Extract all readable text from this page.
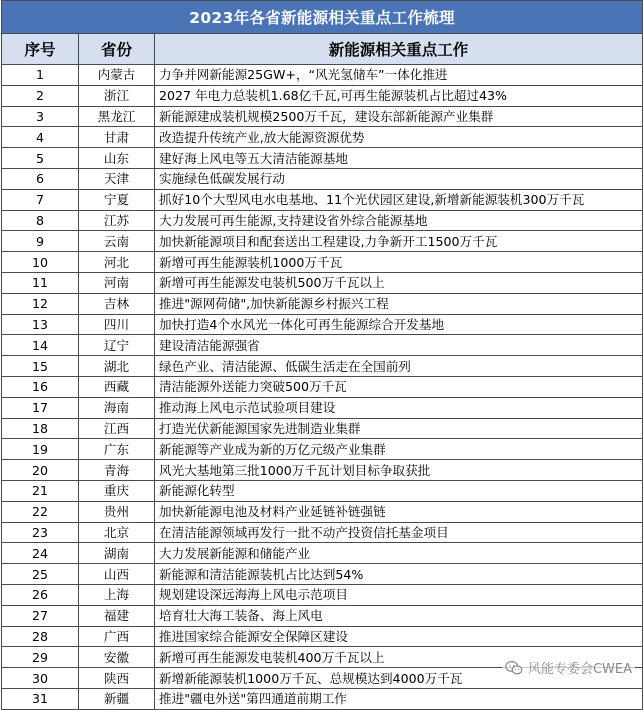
2023年各省新能源相关重点工作梳理		
序号	省份	新能源相关重点工作
1	内蒙古	力争并网新能源25GW+，“风光氢储车”一体化推进
2	浙江	2027 年电力总装机1.68亿千瓦,可再生能源装机占比超过43%
3	黑龙江	新能源建成装机规模2500万千瓦，建设东部新能源产业集群
4	甘肃	改造提升传统产业,放大能源资源优势
5	山东	建好海上风电等五大清洁能源基地
6	天津	实施绿色低碳发展行动
7	宁夏	抓好10个大型风电水电基地、11个光伏园区建设,新增新能源装机300万千瓦
8	江苏	大力发展可再生能源,支持建设省外综合能源基地
9	云南	加快新能源项目和配套送出工程建设,力争新开工1500万千瓦
10	河北	新增可再生能源装机1000万千瓦
11	河南	新增可再生能源发电装机500万千瓦以上
12	吉林	推进"源网荷储",加快新能源乡村振兴工程
13	四川	加快打造4个水风光一体化可再生能源综合开发基地
14	辽宁	建设清洁能源强省
15	湖北	绿色产业、清洁能源、低碳生活走在全国前列
16	西藏	清洁能源外送能力突破500万千瓦
17	海南	推动海上风电示范试验项目建设
18	江西	打造光伏新能源国家先进制造业集群
19	广东	新能源等产业成为新的万亿元级产业集群
20	青海	风光大基地第三批1000万千瓦计划目标争取获批
21	重庆	新能源化转型
22	贵州	加快新能源电池及材料产业延链补链强链
23	北京	在清洁能源领域再发行一批不动产投资信托基金项目
24	湖南	大力发展新能源和储能产业
25	山西	新能源和清洁能源装机占比达到54%
26	上海	规划建设深远海海上风电示范项目
27	福建	培育壮大海工装备、海上风电
28	广西	推进国家综合能源安全保障区建设
29	安徽	新增可再生能源发电装机400万千瓦以上
30	陕西	新增新能源装机1000万千瓦、总规模达到4000万千瓦
31	新疆	推进"疆电外送"第四通道前期工作
风能专委会CWEA
